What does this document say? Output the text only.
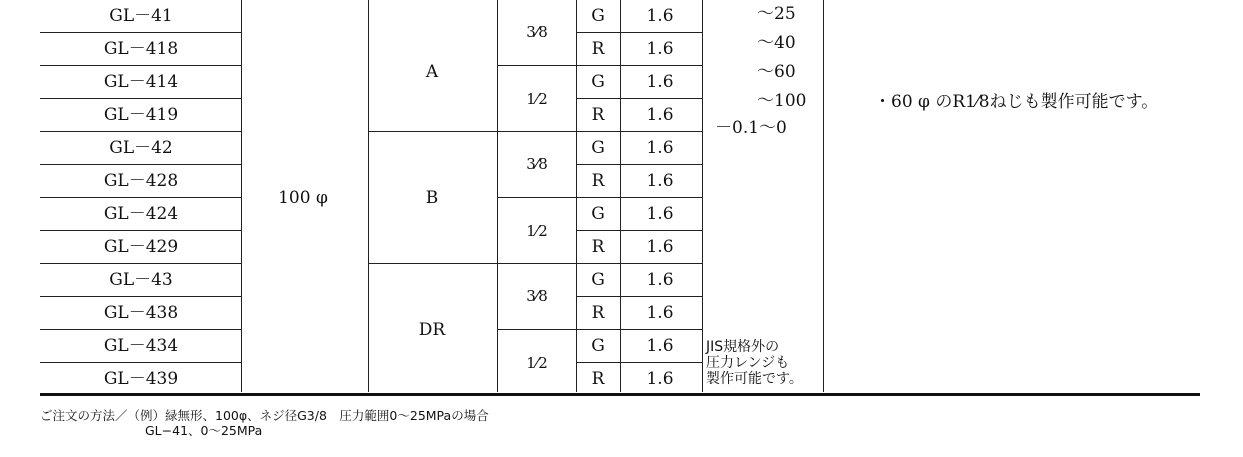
GL－41
GL－418
GL－414
GL－419
GL－42
GL－428
GL－424
GL－429
GL－43
GL－438
GL－434
GL－439
100 φ
A
B
DR
3⁄8
1⁄2
3⁄8
1⁄2
3⁄8
1⁄2
G 1.6
R 1.6
G 1.6
R 1.6
G 1.6
R 1.6
G 1.6
R 1.6
G 1.6
R 1.6
G 1.6
R 1.6
～25
～40
～60
～100
－0.1～0
JIS規格外の
圧力レンジも
製作可能です。
・60 φ のR1⁄8ねじも製作可能です。
ご注文の方法／（例）緑無形、100φ、ネジ径G3/8　圧力範囲0～25MPaの場合
GL−41、0～25MPa
